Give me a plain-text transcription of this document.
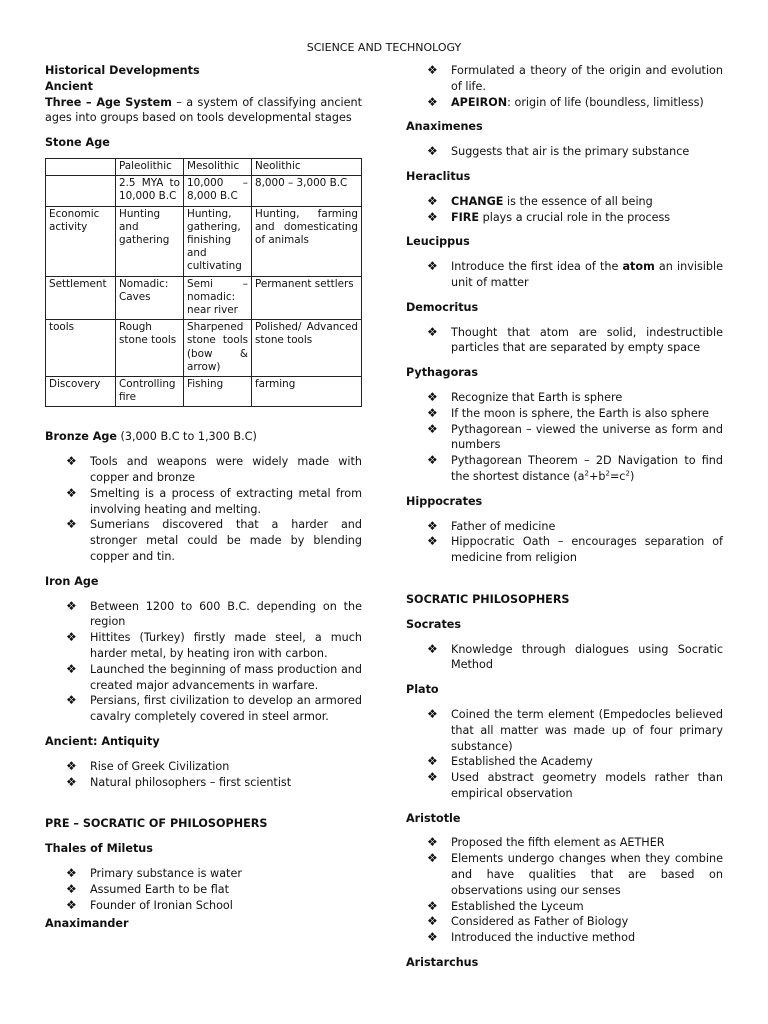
SCIENCE AND TECHNOLOGY
Historical Developments
Ancient
Three – Age System – a system of classifying ancient ages into groups based on tools developmental stages
Stone Age
	Paleolithic	Mesolithic	Neolithic
	2.5 MYA to 10,000 B.C	10,000 – 8,000 B.C	8,000 – 3,000 B.C
Economic activity	Hunting and gathering	Hunting, gathering, finishing and cultivating	Hunting, farming and domesticating of animals
Settlement	Nomadic: Caves	Semi – nomadic: near river	Permanent settlers
tools	Rough stone tools	Sharpened stone tools (bow & arrow)	Polished/ Advanced stone tools
Discovery	Controlling fire	Fishing	farming
Bronze Age (3,000 B.C to 1,300 B.C)
❖ Tools and weapons were widely made with copper and bronze
❖ Smelting is a process of extracting metal from involving heating and melting.
❖ Sumerians discovered that a harder and stronger metal could be made by blending copper and tin.
Iron Age
❖ Between 1200 to 600 B.C. depending on the region
❖ Hittites (Turkey) firstly made steel, a much harder metal, by heating iron with carbon.
❖ Launched the beginning of mass production and created major advancements in warfare.
❖ Persians, first civilization to develop an armored cavalry completely covered in steel armor.
Ancient: Antiquity
❖ Rise of Greek Civilization
❖ Natural philosophers – first scientist
PRE – SOCRATIC OF PHILOSOPHERS
Thales of Miletus
❖ Primary substance is water
❖ Assumed Earth to be flat
❖ Founder of Ironian School
Anaximander
❖ Formulated a theory of the origin and evolution of life.
❖ APEIRON: origin of life (boundless, limitless)
Anaximenes
❖ Suggests that air is the primary substance
Heraclitus
❖ CHANGE is the essence of all being
❖ FIRE plays a crucial role in the process
Leucippus
❖ Introduce the first idea of the atom an invisible unit of matter
Democritus
❖ Thought that atom are solid, indestructible particles that are separated by empty space
Pythagoras
❖ Recognize that Earth is sphere
❖ If the moon is sphere, the Earth is also sphere
❖ Pythagorean – viewed the universe as form and numbers
❖ Pythagorean Theorem – 2D Navigation to find the shortest distance $(a^2+b^2=c^2)$
Hippocrates
❖ Father of medicine
❖ Hippocratic Oath – encourages separation of medicine from religion
SOCRATIC PHILOSOPHERS
Socrates
❖ Knowledge through dialogues using Socratic Method
Plato
❖ Coined the term element (Empedocles believed that all matter was made up of four primary substance)
❖ Established the Academy
❖ Used abstract geometry models rather than empirical observation
Aristotle
❖ Proposed the fifth element as AETHER
❖ Elements undergo changes when they combine and have qualities that are based on observations using our senses
❖ Established the Lyceum
❖ Considered as Father of Biology
❖ Introduced the inductive method
Aristarchus
